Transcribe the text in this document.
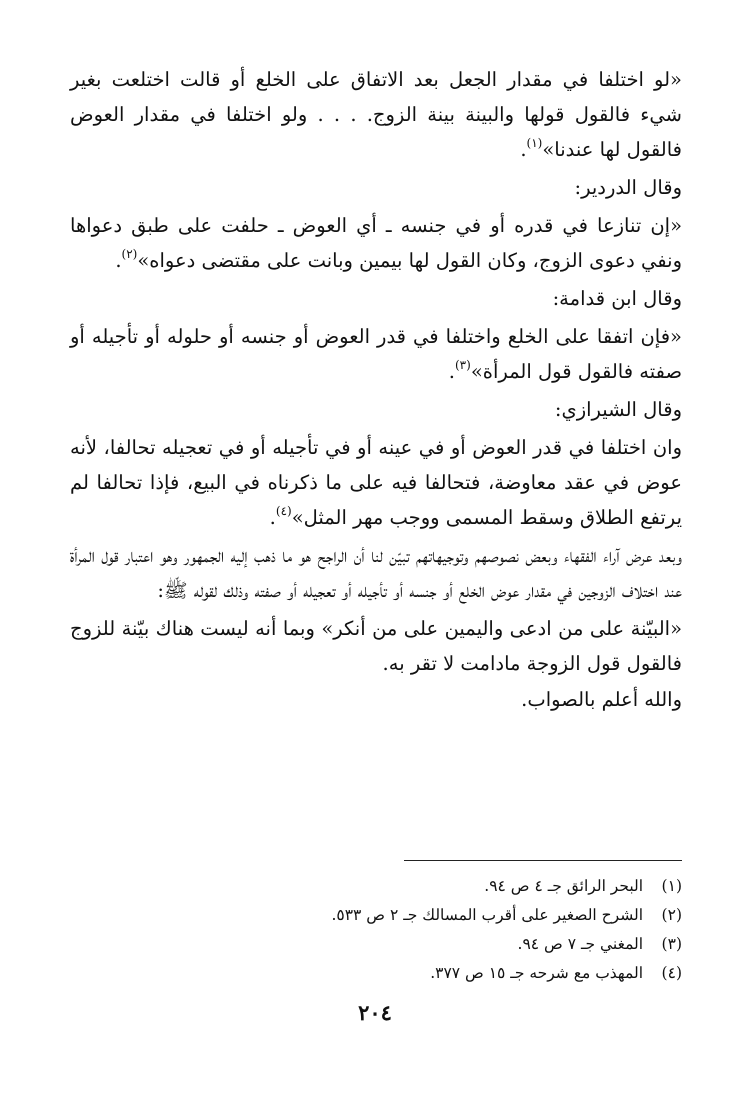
«لو اختلفا في مقدار الجعل بعد الاتفاق على الخلع أو قالت اختلعت بغير شيء فالقول قولها والبينة بينة الزوج. . . . ولو اختلفا في مقدار العوض فالقول لها عندنا»$^{(١)}$.

وقال الدردير:

«إن تنازعا في قدره أو في جنسه ـ أي العوض ـ حلفت على طبق دعواها ونفي دعوى الزوج، وكان القول لها بيمين وبانت على مقتضى دعواه»$^{(٢)}$.

وقال ابن قدامة:

«فإن اتفقا على الخلع واختلفا في قدر العوض أو جنسه أو حلوله أو تأجيله أو صفته فالقول قول المرأة»$^{(٣)}$.

وقال الشيرازي:

وان اختلفا في قدر العوض أو في عينه أو في تأجيله أو في تعجيله تحالفا، لأنه عوض في عقد معاوضة، فتحالفا فيه على ما ذكرناه في البيع، فإذا تحالفا لم يرتفع الطلاق وسقط المسمى ووجب مهر المثل»$^{(٤)}$.

وبعد عرض آراء الفقهاء وبعض نصوصهم وتوجيهاتهم تبيّن لنا أن الراجح هو ما ذهب إليه الجمهور وهو اعتبار قول المرأة عند اختلاف الزوجين في مقدار عوض الخلع أو جنسه أو تأجيله أو تعجيله أو صفته وذلك لقوله ﷺ:

«البيّنة على من ادعى واليمين على من أنكر» وبما أنه ليست هناك بيّنة للزوج فالقول قول الزوجة مادامت لا تقر به.

والله أعلم بالصواب.

(١) البحر الرائق جـ ٤ ص ٩٤.
(٢) الشرح الصغير على أقرب المسالك جـ ٢ ص ٥٣٣.
(٣) المغني جـ ٧ ص ٩٤.
(٤) المهذب مع شرحه جـ ١٥ ص ٣٧٧.
٢٠٤
